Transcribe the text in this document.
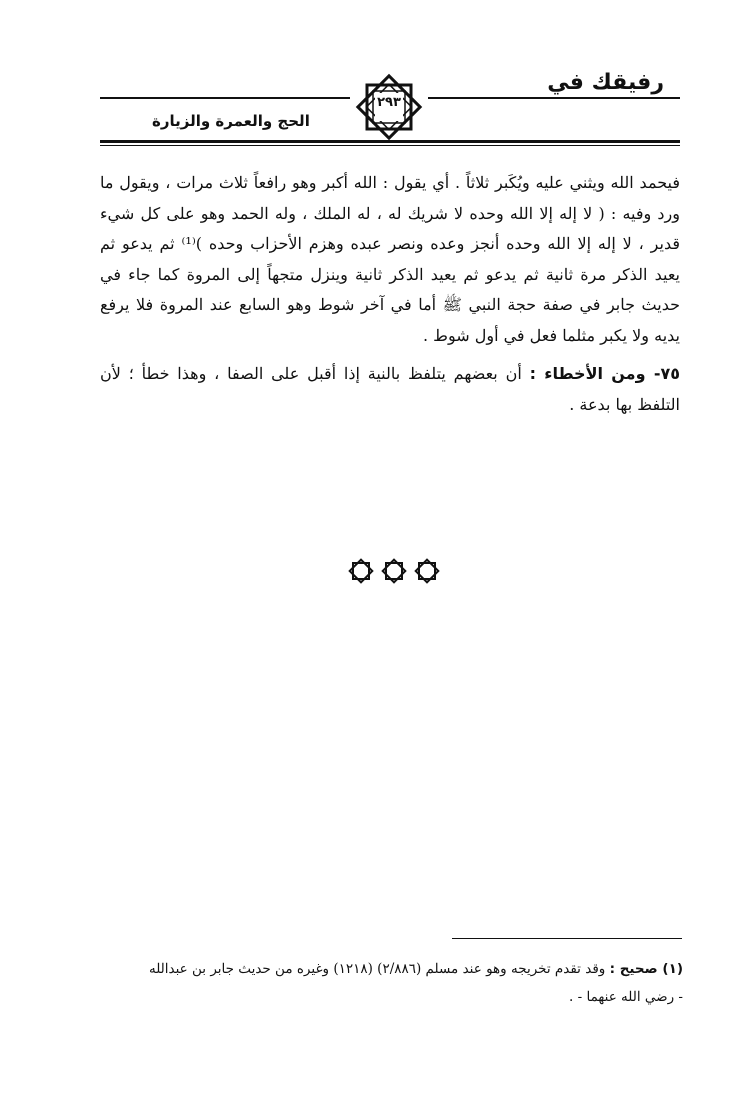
رفيقك في
٢٩٣
الحج والعمرة والزيارة

فيحمد الله ويثني عليه ويُكَبر ثلاثاً . أي يقول : الله أكبر وهو رافعاً ثلاث مرات ، ويقول ما ورد وفيه : ( لا إله إلا الله وحده لا شريك له ، له الملك ، وله الحمد وهو على كل شيء قدير ، لا إله إلا الله وحده أنجز وعده ونصر عبده وهزم الأحزاب وحده )⁽¹⁾ ثم يدعو ثم يعيد الذكر مرة ثانية ثم يدعو ثم يعيد الذكر ثانية وينزل متجهاً إلى المروة كما جاء في حديث جابر في صفة حجة النبي ﷺ أما في آخر شوط وهو السابع عند المروة فلا يرفع يديه ولا يكبر مثلما فعل في أول شوط .

٧٥- ومن الأخطاء : أن بعضهم يتلفظ بالنية إذا أقبل على الصفا ، وهذا خطأ ؛ لأن التلفظ بها بدعة .

(١) صحيح : وقد تقدم تخريجه وهو عند مسلم (٢/٨٨٦) (١٢١٨) وغيره من حديث جابر بن عبدالله

- رضي الله عنهما - .
